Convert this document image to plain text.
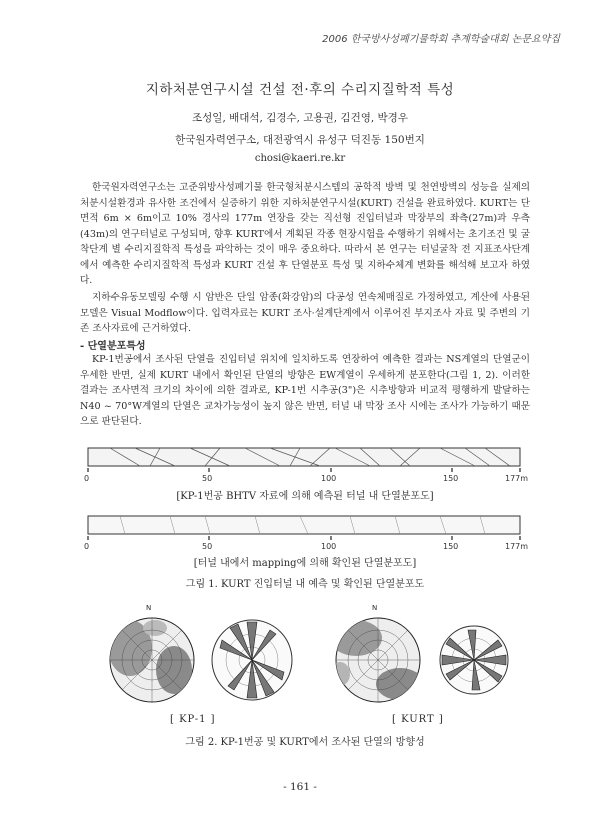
2006 한국방사성폐기물학회 추계학술대회 논문요약집
지하처분연구시설 건설 전·후의 수리지질학적 특성
조성일, 배대석, 김경수, 고용권, 김건영, 박경우
한국원자력연구소, 대전광역시 유성구 덕진동 150번지
chosi@kaeri.re.kr

한국원자력연구소는 고준위방사성폐기물 한국형처분시스템의 공학적 방벽 및 천연방벽의 성능을 실제의 처분시설환경과 유사한 조건에서 실증하기 위한 지하처분연구시설(KURT) 건설을 완료하였다. KURT는 단면적 6m × 6m이고 10% 경사의 177m 연장을 갖는 직선형 진입터널과 막장부의 좌측(27m)과 우측(43m)의 연구터널로 구성되며, 향후 KURT에서 계획된 각종 현장시험을 수행하기 위해서는 초기조건 및 굴착단계 별 수리지질학적 특성을 파악하는 것이 매우 중요하다. 따라서 본 연구는 터널굴착 전 지표조사단계에서 예측한 수리지질학적 특성과 KURT 건설 후 단열분포 특성 및 지하수체계 변화를 해석해 보고자 하였다.

지하수유동모델링 수행 시 암반은 단일 암종(화강암)의 다공성 연속체매질로 가정하였고, 계산에 사용된 모델은 Visual Modflow이다. 입력자료는 KURT 조사·설계단계에서 이루어진 부지조사 자료 및 주변의 기존 조사자료에 근거하였다.

- 단열분포특성

KP-1번공에서 조사된 단열을 진입터널 위치에 일치하도록 연장하여 예측한 결과는 NS계열의 단열군이 우세한 반면, 실제 KURT 내에서 확인된 단열의 방향은 EW계열이 우세하게 분포한다(그림 1, 2). 이러한 결과는 조사면적 크기의 차이에 의한 결과로, KP-1번 시추공(3")은 시추방향과 비교적 평행하게 발달하는 N40 ~ 70°W계열의 단열은 교차가능성이 높지 않은 반면, 터널 내 막장 조사 시에는 조사가 가능하기 때문으로 판단된다.

0	50	100	150	177m
[KP-1번공 BHTV 자료에 의해 예측된 터널 내 단열분포도]
0	50	100	150	177m
[터널 내에서 mapping에 의해 확인된 단열분포도]
그림 1. KURT 진입터널 내 예측 및 확인된 단열분포도
N	N
[ KP-1 ]	[ KURT ]
그림 2. KP-1번공 및 KURT에서 조사된 단열의 방향성
- 161 -
